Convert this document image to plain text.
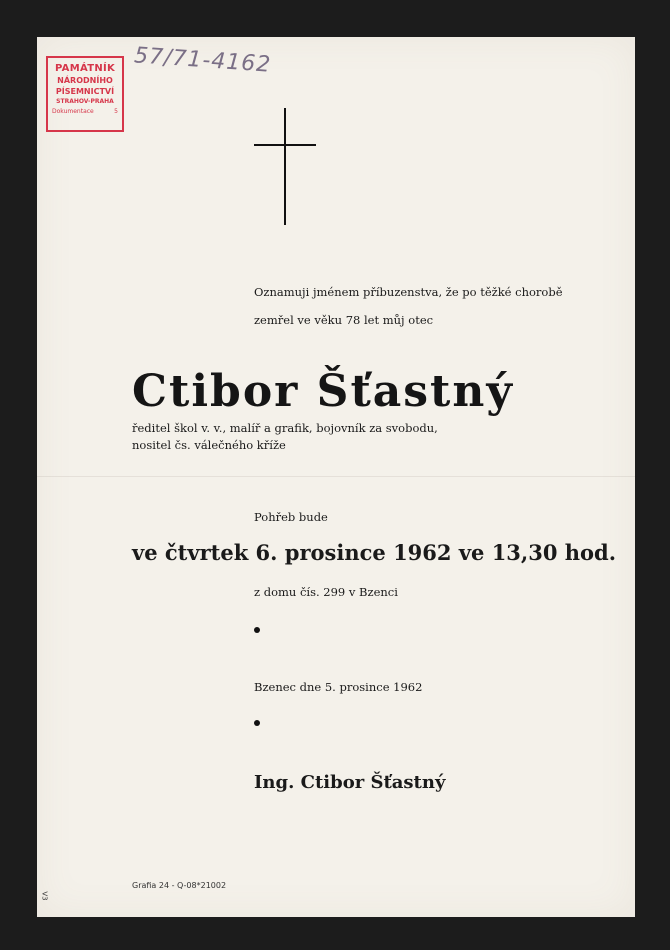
PAMÁTNÍK
NÁRODNÍHO
PÍSEMNICTVÍ
STRAHOV-PRAHA
Dokumentace	5
57/71-4162
Oznamuji jménem příbuzenstva, že po těžké chorobě
zemřel ve věku 78 let můj otec
Ctibor Šťastný
ředitel škol v. v., malíř a grafik, bojovník za svobodu,
nositel čs. válečného kříže
Pohřeb bude
ve čtvrtek 6. prosince 1962 ve 13,30 hod.
z domu čís. 299 v Bzenci
Bzenec dne 5. prosince 1962
Ing. Ctibor Šťastný
Grafia 24 - Q-08*21002
V3
